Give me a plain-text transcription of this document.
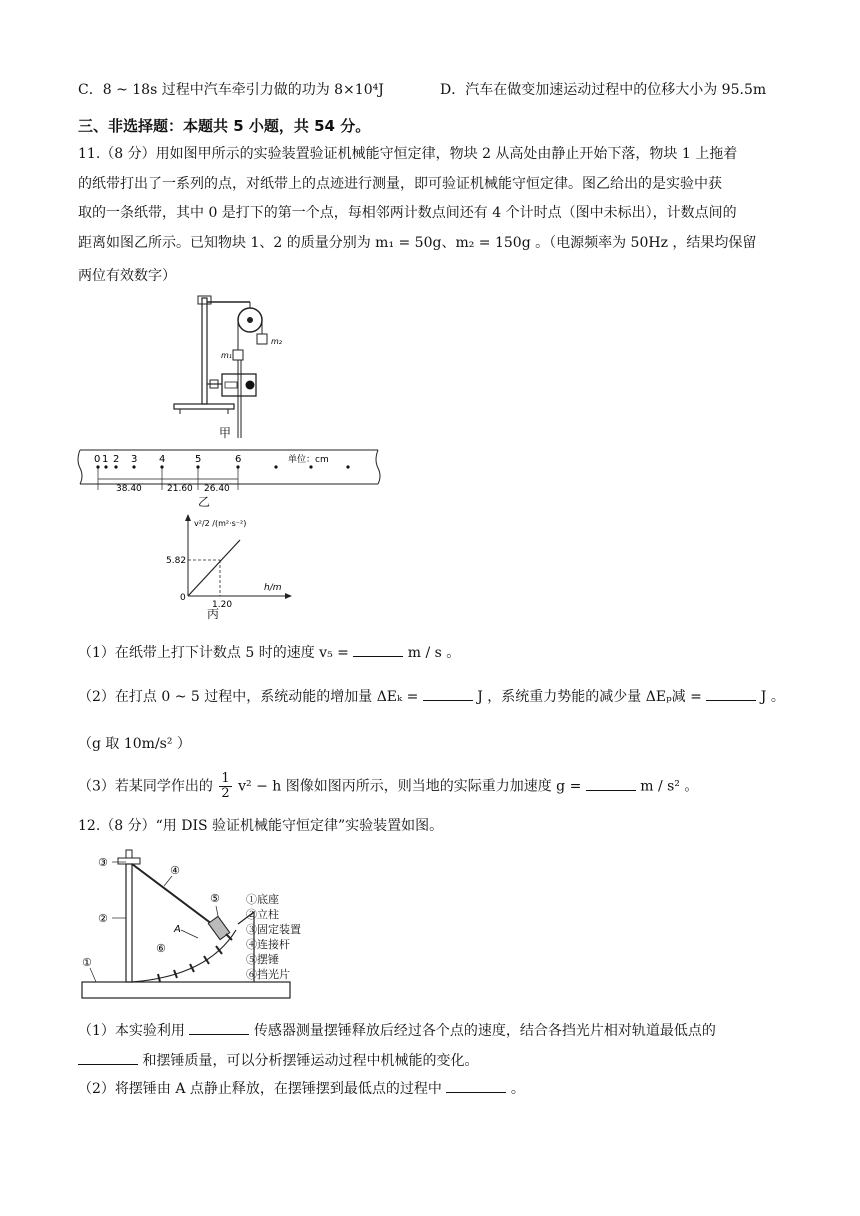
C．8 ~ 18s 过程中汽车牵引力做的功为 8×10⁴J	D．汽车在做变加速运动过程中的位移大小为 95.5m
三、非选择题：本题共 5 小题，共 54 分。
11.（8 分）用如图甲所示的实验装置验证机械能守恒定律，物块 2 从高处由静止开始下落，物块 1 上拖着
的纸带打出了一系列的点，对纸带上的点迹进行测量，即可验证机械能守恒定律。图乙给出的是实验中获
取的一条纸带，其中 0 是打下的第一个点，每相邻两计数点间还有 4 个计时点（图中未标出），计数点间的
距离如图乙所示。已知物块 1、2 的质量分别为 m₁ = 50g、m₂ = 150g 。（电源频率为 50Hz ，结果均保留
两位有效数字）
m₂
m₁
甲
0 1 2 3 4	5	6	单位：cm
38.40	21.60 26.40
乙
v²/2 /(m²·s⁻²)
h/m
5.82
1.20
0
丙
（1）在纸带上打下计数点 5 时的速度 v₅ =	m / s 。
（2）在打点 0 ~ 5 过程中，系统动能的增加量 ΔEₖ =	J ，系统重力势能的减少量 ΔEₚ减 =	J 。
（g 取 10m/s² ）
（3）若某同学作出的 $\frac{1}{2} v^2 - h$ 图像如图丙所示，则当地的实际重力加速度 g =	m / s² 。
12.（8 分）“用 DIS 验证机械能守恒定律”实验装置如图。
③
②
①
④
⑤
⑥
A
①底座
②立柱
③固定装置
④连接杆
⑤摆锤
⑥挡光片
（1）本实验利用	传感器测量摆锤释放后经过各个点的速度，结合各挡光片相对轨道最低点的
和摆锤质量，可以分析摆锤运动过程中机械能的变化。
（2）将摆锤由 A 点静止释放，在摆锤摆到最低点的过程中	。
